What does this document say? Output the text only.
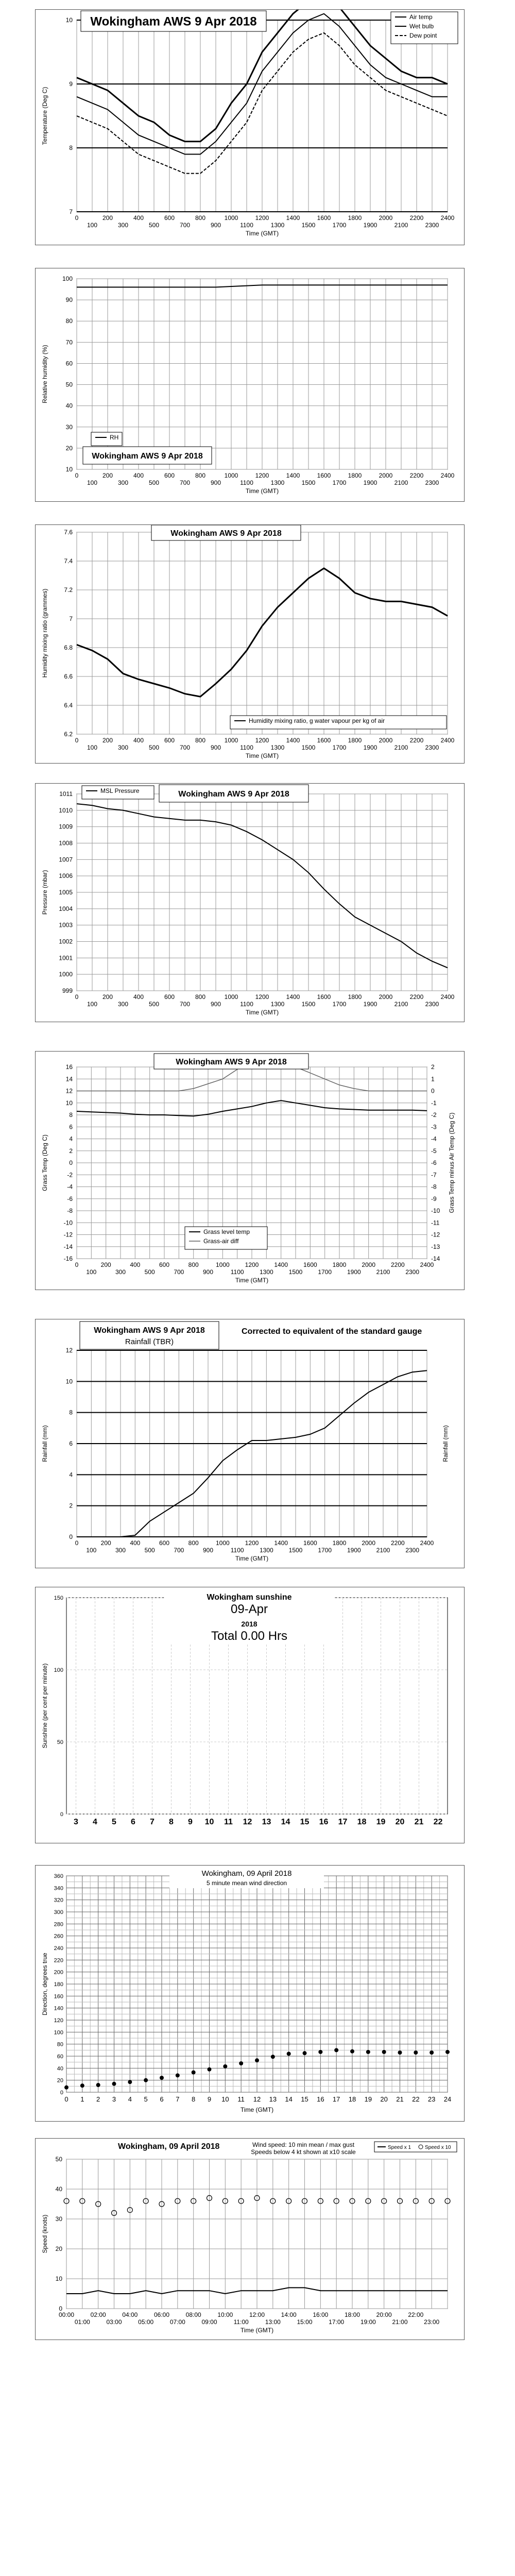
7
8
9
10 Wokingham AWS 9 Apr 2018	Air temp
Wet bulb
Dew point
0	200	400	600	800	1000	1200	1400	1600	1800	2000	2200	2400
100	300	500	700	900	1100	1300	1500	1700	1900	2100	2300
Time (GMT)
Temperature (Deg C)
10
20
30
40
50
60
70
80
90
100
RH
Wokingham AWS 9 Apr 2018
0	200	400	600	800	1000	1200	1400	1600	1800	2000	2200	2400
100	300	500	700	900	1100	1300	1500	1700	1900	2100	2300
Time (GMT)
Relative humidity (%)
6.2
6.4
6.6
6.8
7
7.2
7.4
7.6	Wokingham AWS 9 Apr 2018
Humidity mixing ratio, g water vapour per kg of air
0	200	400	600	800	1000	1200	1400	1600	1800	2000	2200	2400
100	300	500	700	900	1100	1300	1500	1700	1900	2100	2300
Time (GMT)
Humidity mixing ratio (grammes)
999
1000
1001
1002
1003
1004
1005
1006
1007
1008
1009
1010
1011	MSL Pressure	Wokingham AWS 9 Apr 2018
0	200	400	600	800	1000	1200	1400	1600	1800	2000	2200	2400
100	300	500	700	900	1100	1300	1500	1700	1900	2100	2300
Time (GMT)
Pressure (mbar)
-16
-14
-12
-10
-8
-6
-4
-2
0
2
4
6
8
10
12
14
16
-14
-13
-12
-11
-10
-9
-8
-7
-6
-5
-4
-3
-2
-1
0
1
2
Wokingham AWS 9 Apr 2018
Grass level temp
Grass-air diff
0	200	400	600	800	1000 1200 1400 1600 1800 2000 2200 2400
100	300	500	700	900	1100	1300 1500 1700 1900 2100 2300
Time (GMT)
Grass Temp (Deg C)	Grass Temp minus Air Temp (Deg C)
0
2
4
6
8
10
12
Wokingham AWS 9 Apr 2018
Rainfall (TBR)
Corrected to equivalent of the standard gauge
0	200	400	600	800	1000 1200 1400 1600 1800 2000 2200 2400
100	300	500	700	900	1100	1300 1500 1700 1900 2100 2300
Time (GMT)
Rainfall (mm)	Rainfall (mm)
3 4 5 6 7 8 9 10 11 12 13 14 15 16 17 18 19 20 21 22
0
50
100
150	Wokingham sunshine
09-Apr
2018
Total 0.00 Hrs
Sunshine (per cent per minute)
0
20
40
60
80
100
120
140
160
180
200
220
240
260
280
300
320
340
360
0 1 2 3 4 5 6 7 8 9 10 11 12 13 14 15 16 17 18 19 20 21 22 23 24
Wokingham, 09 April 2018
5 minute mean wind direction
Time (GMT)
Direction, degrees true
0
10
20
30
40
50
Wokingham, 09 April 2018	Wind speed: 10 min mean / max gust
Speeds below 4 kt shown at x10 scale
Speed x 1	Speed x 10
00:00	02:00	04:00	06:00	08:00	10:00	12:00	14:00	16:00	18:00	20:00	22:00
01:00	03:00	05:00	07:00	09:00	11:00	13:00	15:00	17:00	19:00	21:00	23:00
Time (GMT)
Speed (knots)
